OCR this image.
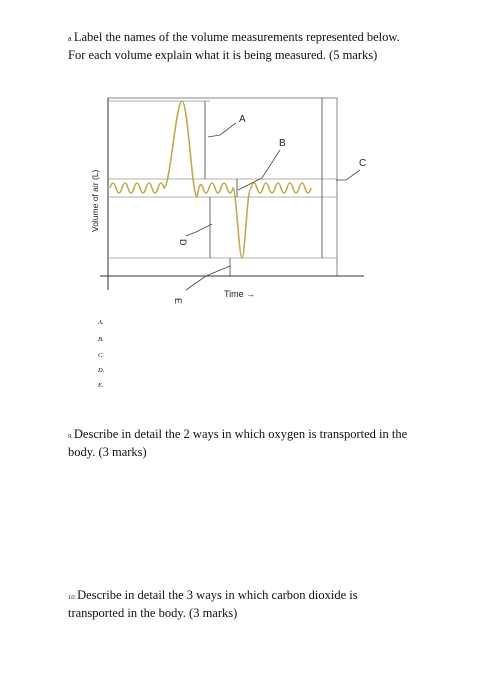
8.Label the names of the volume measurements represented below. For each volume explain what it is being measured. (5 marks)
A
B
C
D
E
Volume of air (L)
Time →
A.
B.
C.
D.
E.
9.Describe in detail the 2 ways in which oxygen is transported in the body. (3 marks)
10.Describe in detail the 3 ways in which carbon dioxide is transported in the body. (3 marks)
